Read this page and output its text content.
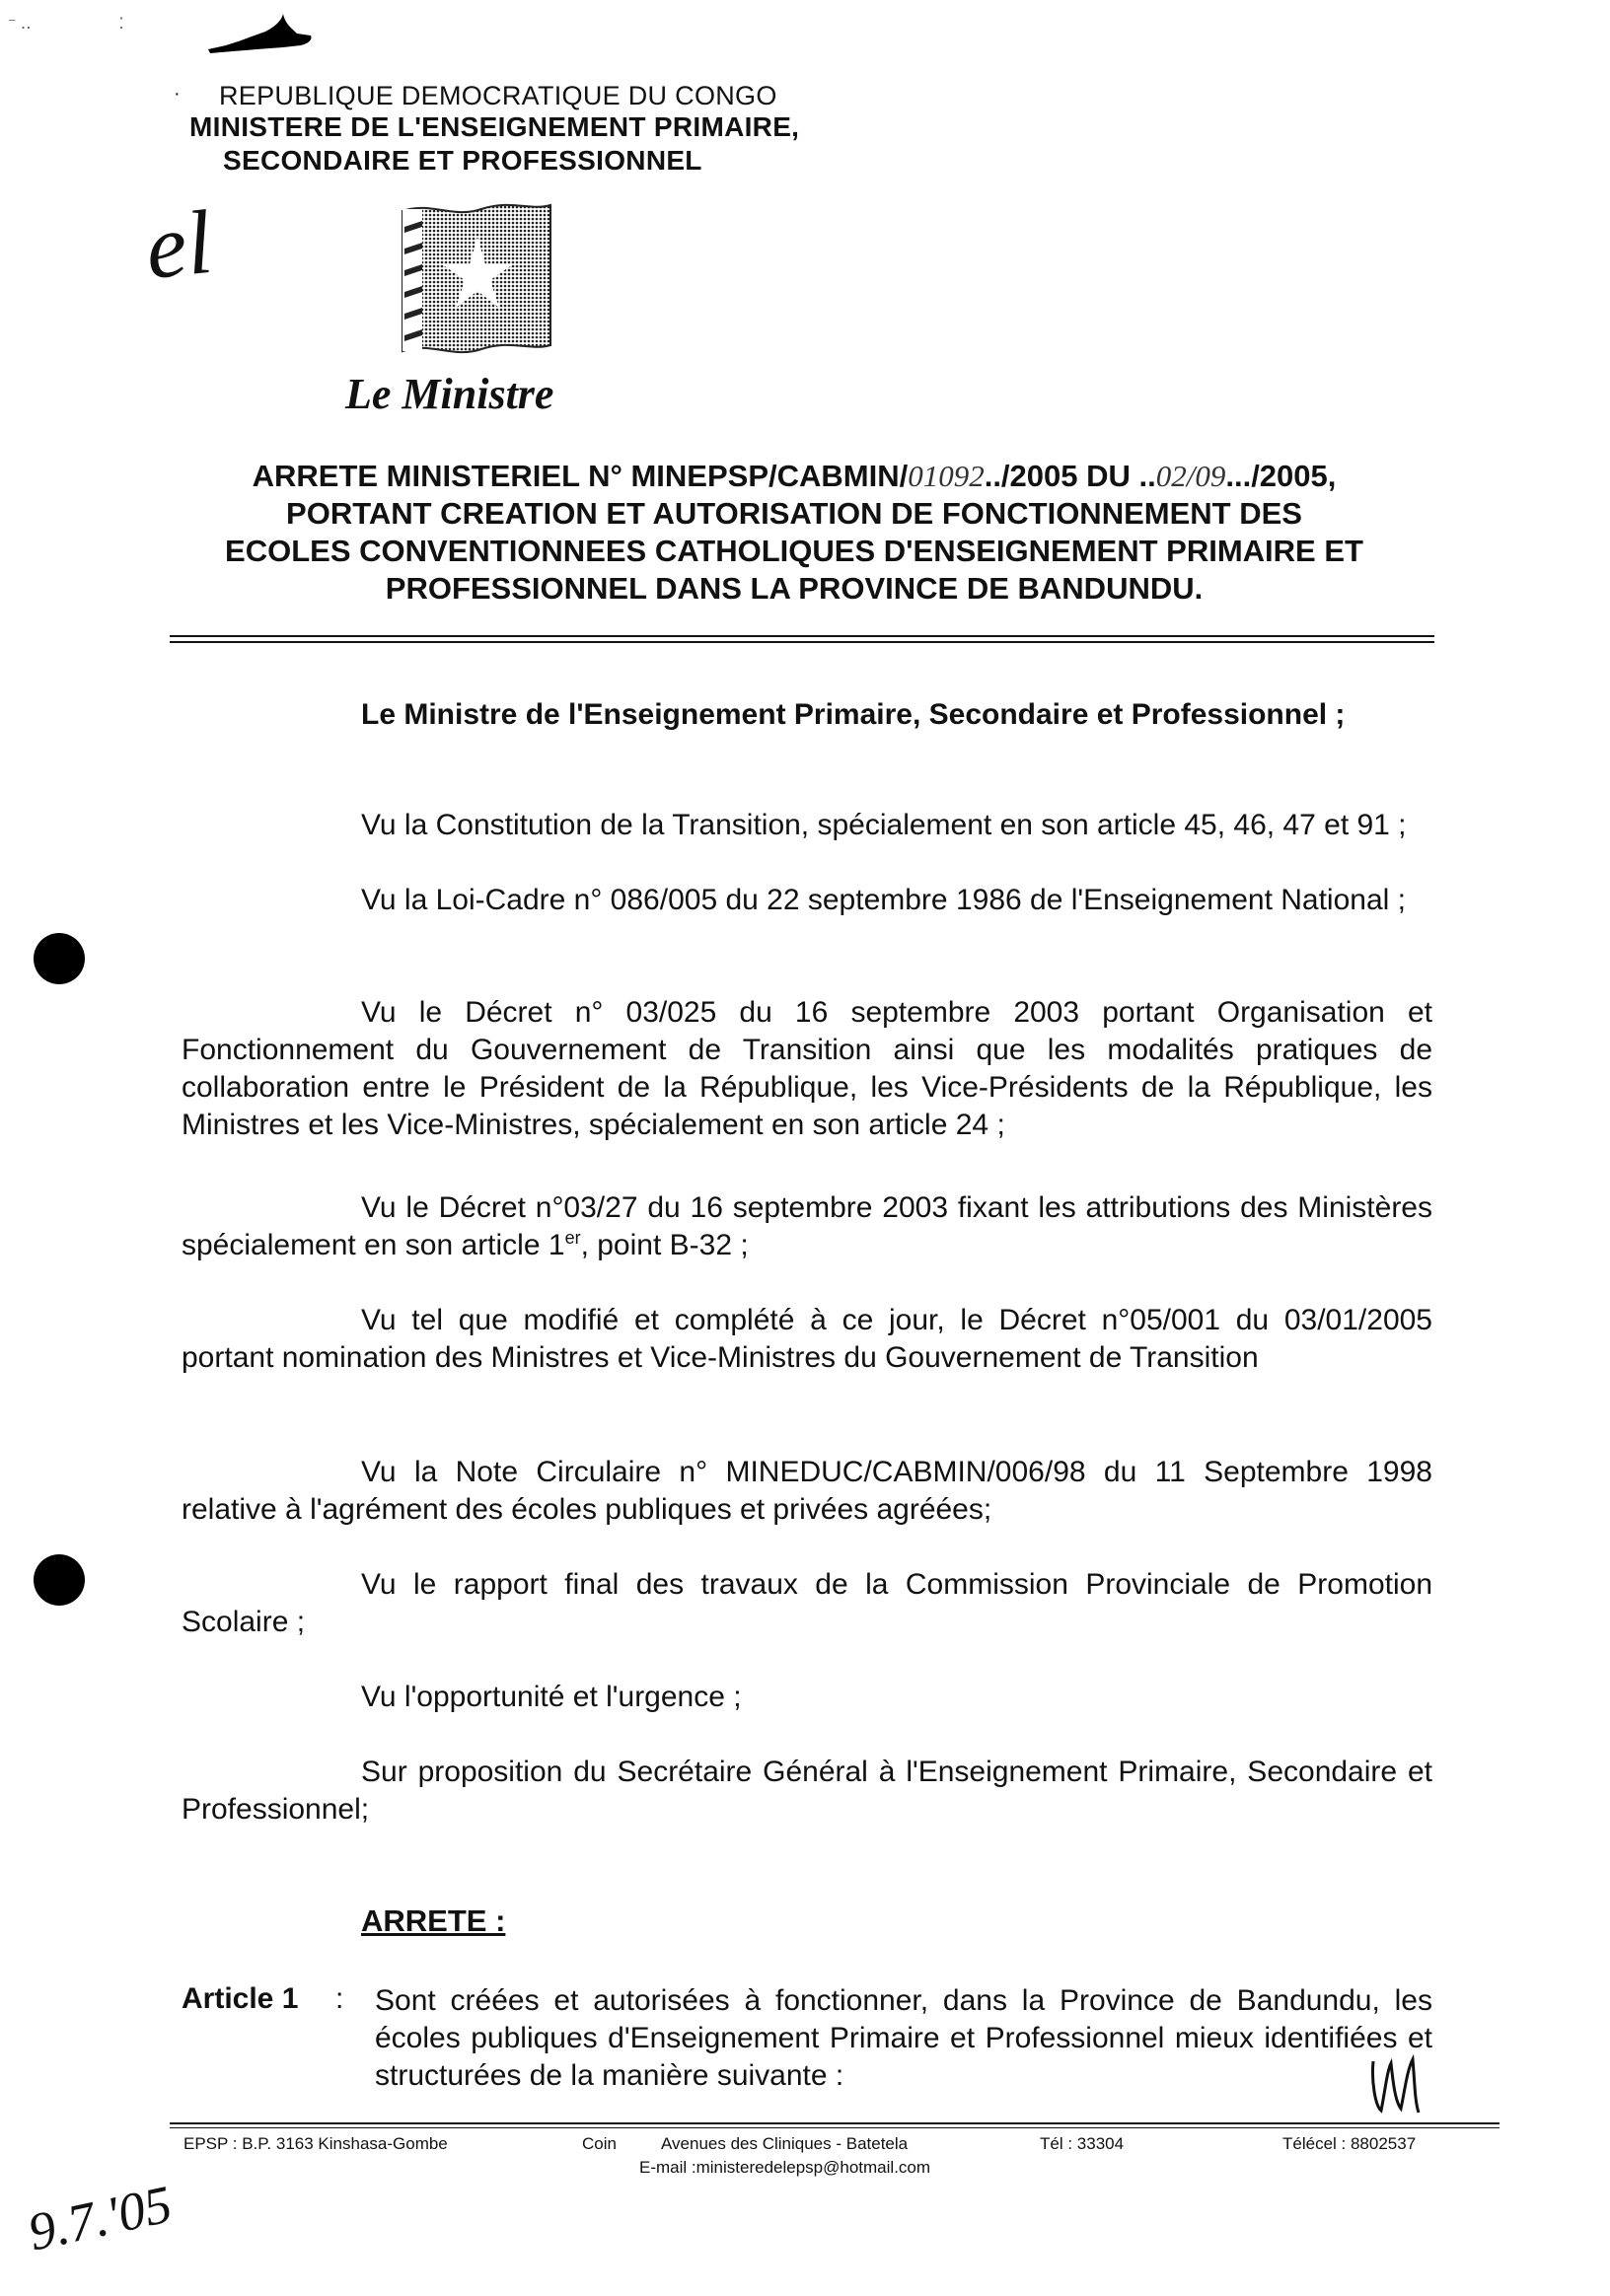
⁻ ‥                    ⁚
REPUBLIQUE DEMOCRATIQUE DU CONGO
·
MINISTERE DE L'ENSEIGNEMENT PRIMAIRE,
SECONDAIRE ET PROFESSIONNEL
el
Le Ministre
ARRETE MINISTERIEL N° MINEPSP/CABMIN/01092../2005 DU ..02/09.../2005,
PORTANT CREATION ET AUTORISATION DE FONCTIONNEMENT DES
ECOLES CONVENTIONNEES CATHOLIQUES D'ENSEIGNEMENT PRIMAIRE ET
PROFESSIONNEL DANS LA PROVINCE DE BANDUNDU.
Le Ministre de l'Enseignement Primaire, Secondaire et Professionnel ;
Vu la Constitution de la Transition, spécialement en son article 45, 46, 47 et 91 ;
Vu la Loi-Cadre n° 086/005 du 22 septembre 1986 de l'Enseignement National ;
Vu le Décret n° 03/025 du 16 septembre 2003 portant Organisation et Fonctionnement du Gouvernement de Transition ainsi que les modalités pratiques de collaboration entre le Président de la République, les Vice-Présidents de la République, les Ministres et les Vice-Ministres, spécialement en son article 24 ;
Vu le Décret n°03/27 du 16 septembre 2003 fixant les attributions des Ministères spécialement en son article 1er, point B-32 ;
Vu tel que modifié et complété à ce jour, le Décret n°05/001 du 03/01/2005 portant nomination des Ministres et Vice-Ministres du Gouvernement de Transition
Vu la Note Circulaire n° MINEDUC/CABMIN/006/98 du 11 Septembre 1998 relative à l'agrément des écoles publiques et privées agréées;
Vu le rapport final des travaux de la Commission Provinciale de Promotion Scolaire ;
Vu l'opportunité et l'urgence ;
Sur proposition du Secrétaire Général à l'Enseignement Primaire, Secondaire et Professionnel;
ARRETE :
Article 1 : Sont créées et autorisées à fonctionner, dans la Province de Bandundu, les écoles publiques d'Enseignement Primaire et Professionnel mieux identifiées et structurées de la manière suivante :
EPSP : B.P. 3163 Kinshasa-Gombe	Coin	Avenues des Cliniques - Batetela	Tél : 33304	Télécel : 8802537
E-mail :ministeredelepsp@hotmail.com
9.7.'05
